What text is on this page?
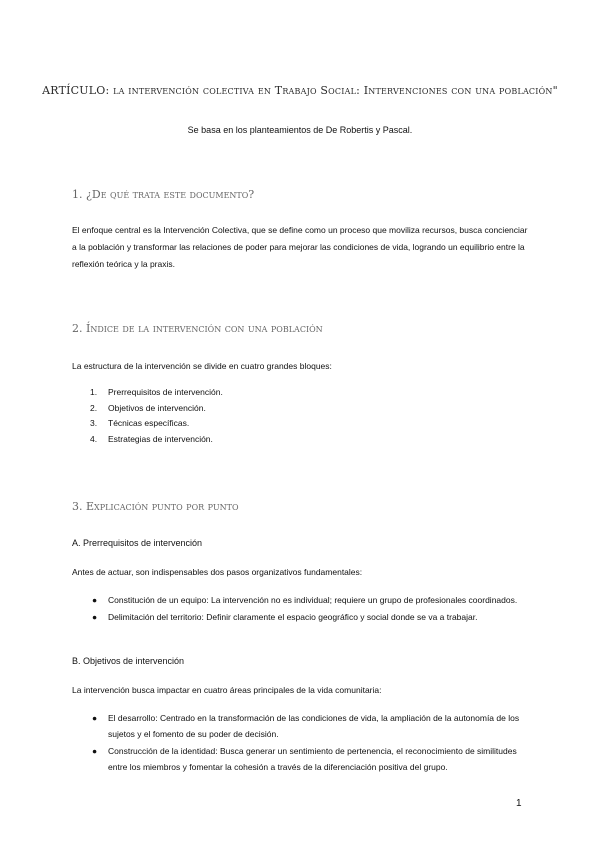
ARTÍCULO: la intervención colectiva en Trabajo Social: Intervenciones con una población"
Se basa en los planteamientos de De Robertis y Pascal.
1. ¿De qué trata este documento?
El enfoque central es la Intervención Colectiva, que se define como un proceso que moviliza recursos, busca concienciar a la población y transformar las relaciones de poder para mejorar las condiciones de vida, logrando un equilibrio entre la reflexión teórica y la praxis.
2. Índice de la intervención con una población
La estructura de la intervención se divide en cuatro grandes bloques:
1. Prerrequisitos de intervención.
2. Objetivos de intervención.
3. Técnicas específicas.
4. Estrategias de intervención.
3. Explicación punto por punto
A. Prerrequisitos de intervención
Antes de actuar, son indispensables dos pasos organizativos fundamentales:
● Constitución de un equipo: La intervención no es individual; requiere un grupo de profesionales coordinados.
● Delimitación del territorio: Definir claramente el espacio geográfico y social donde se va a trabajar.
B. Objetivos de intervención
La intervención busca impactar en cuatro áreas principales de la vida comunitaria:
● El desarrollo: Centrado en la transformación de las condiciones de vida, la ampliación de la autonomía de los sujetos y el fomento de su poder de decisión.
● Construcción de la identidad: Busca generar un sentimiento de pertenencia, el reconocimiento de similitudes entre los miembros y fomentar la cohesión a través de la diferenciación positiva del grupo.
1
